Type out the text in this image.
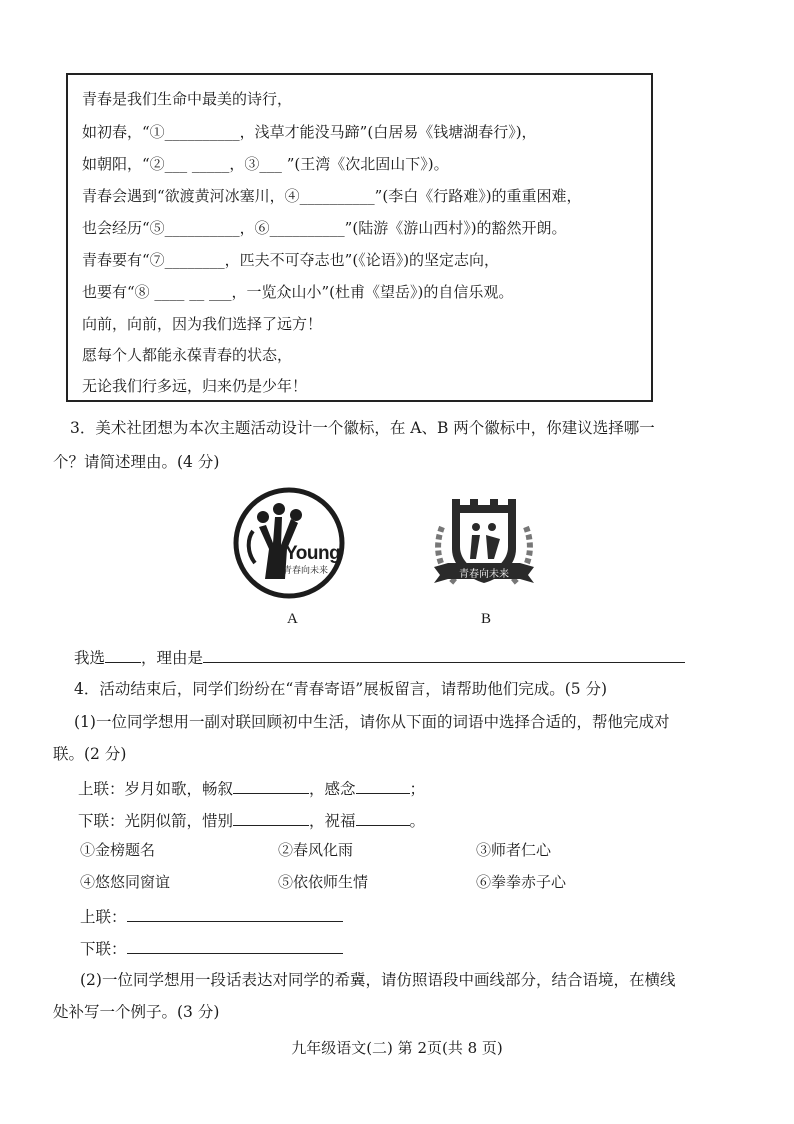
青春是我们生命中最美的诗行，
如初春，“①__________，浅草才能没马蹄”(白居易《钱塘湖春行》)，
如朝阳，“②___ _____，③___ ”(王湾《次北固山下》)。
青春会遇到“欲渡黄河冰塞川，④__________”(李白《行路难》)的重重困难，
也会经历“⑤__________，⑥__________”(陆游《游山西村》)的豁然开朗。
青春要有“⑦________，匹夫不可夺志也”(《论语》)的坚定志向，
也要有“⑧ ____ __ ___，一览众山小”(杜甫《望岳》)的自信乐观。
向前，向前，因为我们选择了远方！
愿每个人都能永葆青春的状态，
无论我们行多远，归来仍是少年！
3．美术社团想为本次主题活动设计一个徽标，在 A、B 两个徽标中，你建议选择哪一
个？请简述理由。(4 分)
Young
青春向未来
A
青春向未来
B
我选 ，理由是
4．活动结束后，同学们纷纷在“青春寄语”展板留言，请帮助他们完成。(5 分)
(1)一位同学想用一副对联回顾初中生活，请你从下面的词语中选择合适的，帮他完成对
联。(2 分)
上联：岁月如歌，畅叙	，感念	；
下联：光阴似箭，惜别	，祝福	。
①金榜题名	②春风化雨	③师者仁心
④悠悠同窗谊	⑤依依师生情	⑥拳拳赤子心
上联：
下联：
(2)一位同学想用一段话表达对同学的希冀，请仿照语段中画线部分，结合语境，在横线
处补写一个例子。(3 分)
九年级语文(二) 第 2页(共 8 页)
